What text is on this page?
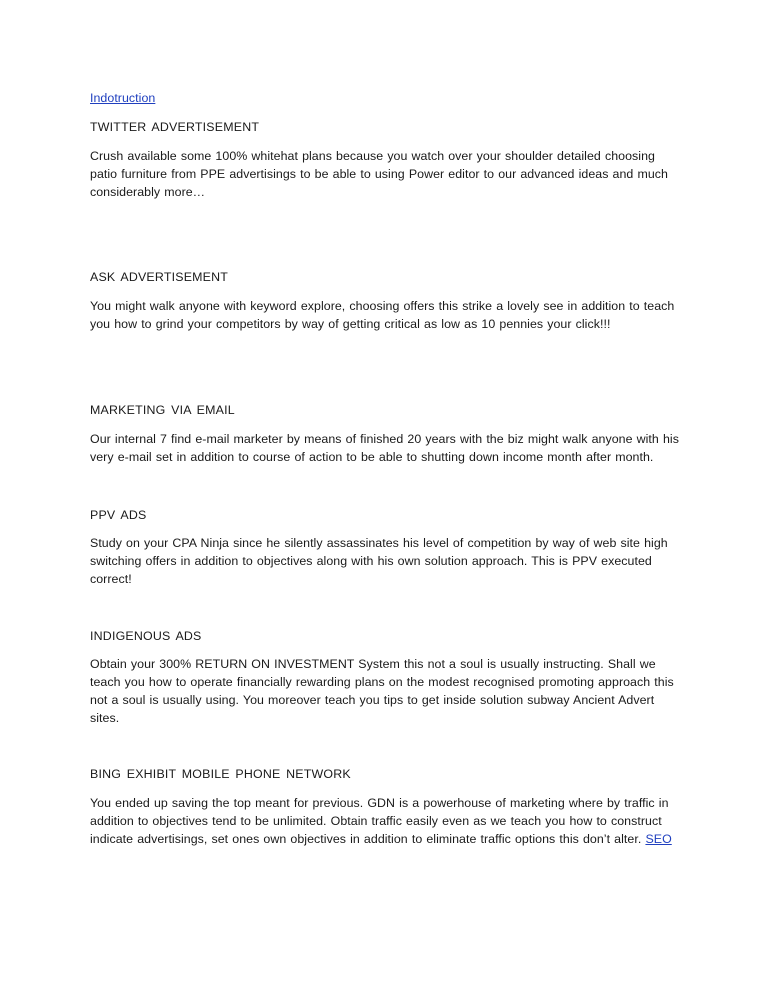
Indotruction
TWITTER ADVERTISEMENT
Crush available some 100% whitehat plans because you watch over your shoulder detailed choosing
patio furniture from PPE advertisings to be able to using Power editor to our advanced ideas and much
considerably more…
ASK ADVERTISEMENT
You might walk anyone with keyword explore, choosing offers this strike a lovely see in addition to teach
you how to grind your competitors by way of getting critical as low as 10 pennies your click!!!
MARKETING VIA EMAIL
Our internal 7 find e-mail marketer by means of finished 20 years with the biz might walk anyone with his
very e-mail set in addition to course of action to be able to shutting down income month after month.
PPV ADS
Study on your CPA Ninja since he silently assassinates his level of competition by way of web site high
switching offers in addition to objectives along with his own solution approach. This is PPV executed
correct!
INDIGENOUS ADS
Obtain your 300% RETURN ON INVESTMENT System this not a soul is usually instructing. Shall we
teach you how to operate financially rewarding plans on the modest recognised promoting approach this
not a soul is usually using. You moreover teach you tips to get inside solution subway Ancient Advert
sites.
BING EXHIBIT MOBILE PHONE NETWORK
You ended up saving the top meant for previous. GDN is a powerhouse of marketing where by traffic in
addition to objectives tend to be unlimited. Obtain traffic easily even as we teach you how to construct
indicate advertisings, set ones own objectives in addition to eliminate traffic options this don’t alter. SEO
